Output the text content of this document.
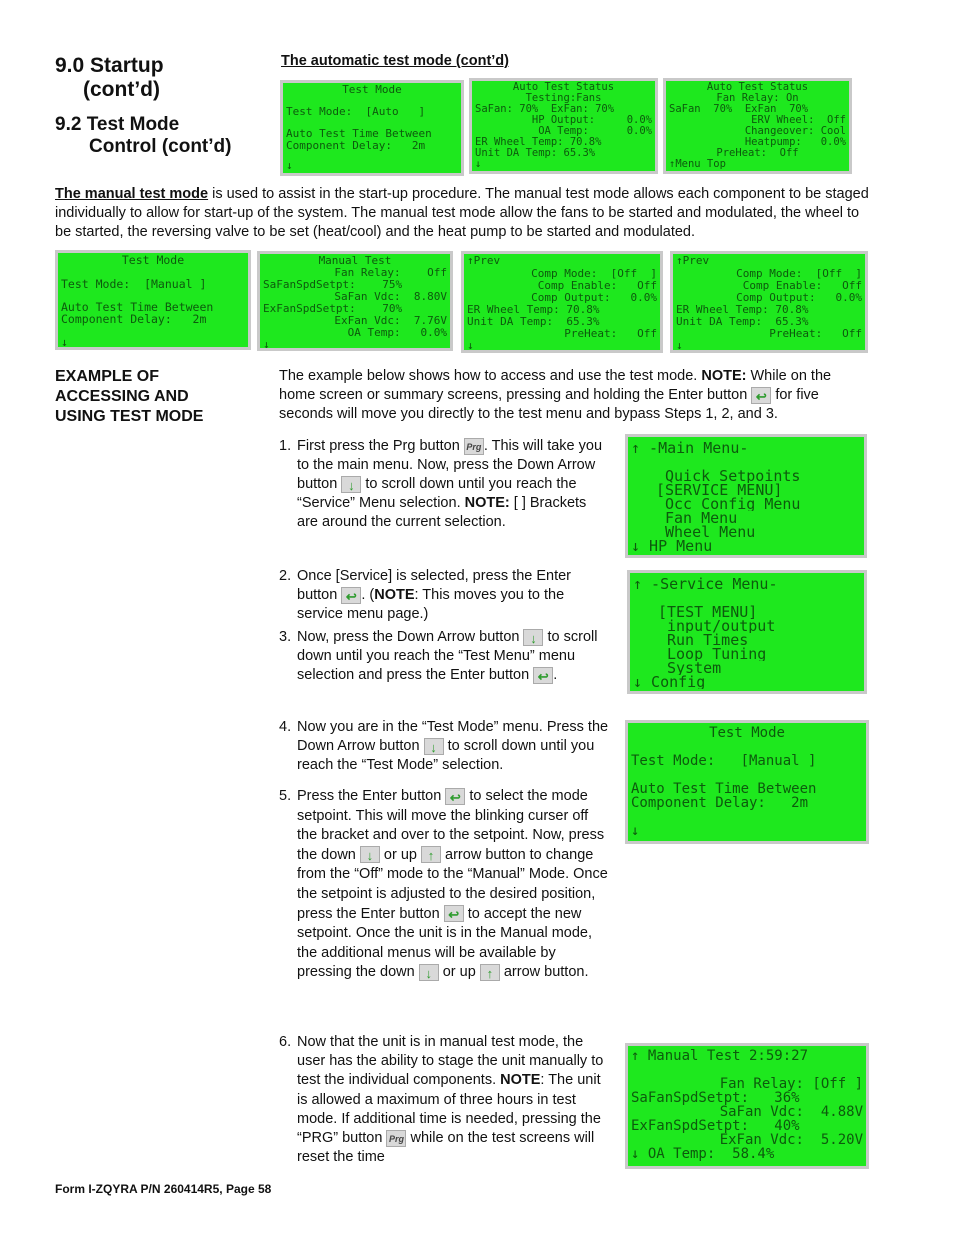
9.0 Startup
(cont’d)
9.2 Test Mode
Control (cont’d)
The automatic test mode (cont’d)
Test Mode
Test Mode:  [Auto   ]
Auto Test Time Between
Component Delay:   2m
↓
Auto Test Status
Testing:Fans
SaFan: 70%  ExFan: 70%
HP Output:     0.0%
OA Temp:      0.0%
ER Wheel Temp: 70.8%
Unit DA Temp: 65.3%
↓
Auto Test Status
Fan Relay: On
SaFan  70%  ExFan  70%
ERV Wheel:  Off
Changeover: Cool
Heatpump:   0.0%
PreHeat:  Off
↑Menu Top
The manual test mode is used to assist in the start-up procedure. The manual test mode allows each component to be staged individually to allow for start-up of the system. The manual test mode allow the fans to be started and modulated, the wheel to be started, the reversing valve to be set (heat/cool) and the heat pump to be started and modulated.
Test Mode
Test Mode:  [Manual ]
Auto Test Time Between
Component Delay:   2m
↓
Manual Test
Fan Relay:    Off
SaFanSpdSetpt:    75%
SaFan Vdc:  8.80V
ExFanSpdSetpt:    70%
ExFan Vdc:  7.76V
OA Temp:   0.0%
↓
↑Prev
Comp Mode:  [Off  ]
Comp Enable:   Off
Comp Output:   0.0%
ER Wheel Temp: 70.8%
Unit DA Temp:  65.3%
PreHeat:   Off
↓
↑Prev
Comp Mode:  [Off  ]
Comp Enable:   Off
Comp Output:   0.0%
ER Wheel Temp: 70.8%
Unit DA Temp:  65.3%
PreHeat:   Off
↓
EXAMPLE OF
ACCESSING AND
USING TEST MODE
The example below shows how to access and use the test mode. NOTE: While on the home screen or summary screens, pressing and holding the Enter button ↩ for five seconds will move you directly to the test menu and bypass Steps 1, 2, and 3.
1. First press the Prg button Prg . This will take you to the main menu. Now, press the Down Arrow button ↓ to scroll down until you reach the “Service” Menu selection. NOTE: [ ] Brackets are around the current selection.
2. Once [Service] is selected, press the Enter button ↩ . (NOTE: This moves you to the service menu page.)
3. Now, press the Down Arrow button ↓ to scroll down until you reach the “Test Menu” menu selection and press the Enter button ↩ .
4. Now you are in the “Test Mode” menu. Press the Down Arrow button ↓ to scroll down until you reach the “Test Mode” selection.
5. Press the Enter button ↩ to select the mode setpoint. This will move the blinking curser off the bracket and over to the setpoint. Now, press the down ↓ or up ↑ arrow button to change from the “Off” mode to the “Manual” Mode. Once the setpoint is adjusted to the desired position, press the Enter button ↩ to accept the new setpoint. Once the unit is in the Manual mode, the additional menus will be available by pressing the down ↓ or up ↑ arrow button.
6. Now that the unit is in manual test mode, the user has the ability to stage the unit manually to test the individual components. NOTE: The unit is allowed a maximum of three hours in test mode. If additional time is needed, pressing the “PRG” button Prg while on the test screens will reset the time
↑ -Main Menu-
Quick Setpoints
[SERVICE MENU]
Occ Config Menu
Fan Menu
Wheel Menu
↓ HP Menu
↑ -Service Menu-
[TEST MENU]
input/output
Run Times
Loop Tuning
System
↓ Config
Test Mode
Test Mode:   [Manual ]
Auto Test Time Between
Component Delay:   2m
↓
↑ Manual Test 2:59:27
Fan Relay: [Off ]
SaFanSpdSetpt:   36%
SaFan Vdc:  4.88V
ExFanSpdSetpt:   40%
ExFan Vdc:  5.20V
↓ OA Temp:  58.4%
Form I-ZQYRA P/N 260414R5, Page 58
